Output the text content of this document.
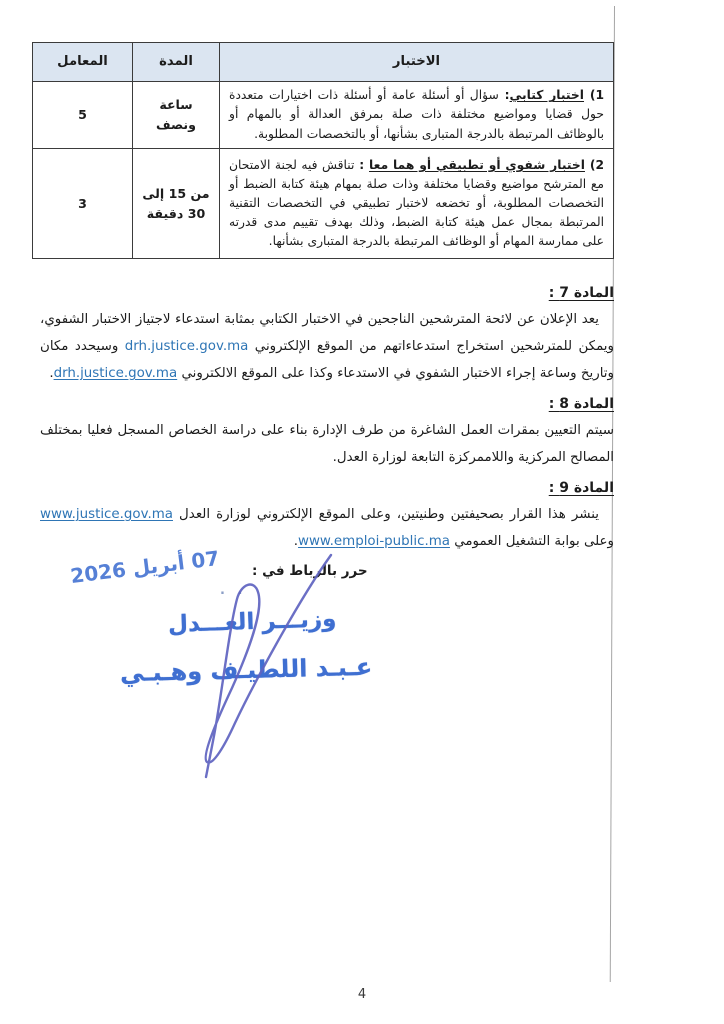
الاختبار	المدة	المعامل
1) اختبار كتابي: سؤال أو أسئلة عامة أو أسئلة ذات اختيارات متعددة حول قضايا ومواضيع مختلفة ذات صلة بمرفق العدالة أو بالمهام أو بالوظائف المرتبطة بالدرجة المتبارى بشأنها، أو بالتخصصات المطلوبة.	ساعة ونصف	5
2) اختبار شفوي أو تطبيقي أو هما معا : تناقش فيه لجنة الامتحان مع المترشح مواضيع وقضايا مختلفة وذات صلة بمهام هيئة كتابة الضبط أو التخصصات المطلوبة، أو تخضعه لاختبار تطبيقي في التخصصات التقنية المرتبطة بمجال عمل هيئة كتابة الضبط، وذلك بهدف تقييم مدى قدرته على ممارسة المهام أو الوظائف المرتبطة بالدرجة المتبارى بشأنها.	من 15 إلى 30 دقيقة	3
المادة 7 :

يعد الإعلان عن لائحة المترشحين الناجحين في الاختبار الكتابي بمثابة استدعاء لاجتياز الاختبار الشفوي، ويمكن للمترشحين استخراج استدعاءاتهم من الموقع الإلكتروني drh.justice.gov.ma وسيحدد مكان وتاريخ وساعة إجراء الاختبار الشفوي في الاستدعاء وكذا على الموقع الالكتروني drh.justice.gov.ma.

المادة 8 :

سيتم التعيين بمقرات العمل الشاغرة من طرف الإدارة بناء على دراسة الخصاص المسجل فعليا بمختلف المصالح المركزية واللاممركزة التابعة لوزارة العدل.

المادة 9 :

ينشر هذا القرار بصحيفتين وطنيتين، وعلى الموقع الإلكتروني لوزارة العدل www.justice.gov.ma وعلى بوابة التشغيل العمومي www.emploi-public.ma.

حرر بالرباط في :
07 أبريل 2026
. .
وزيـــر العـــدل
عـبـد اللطيـف وهـبـي
4
